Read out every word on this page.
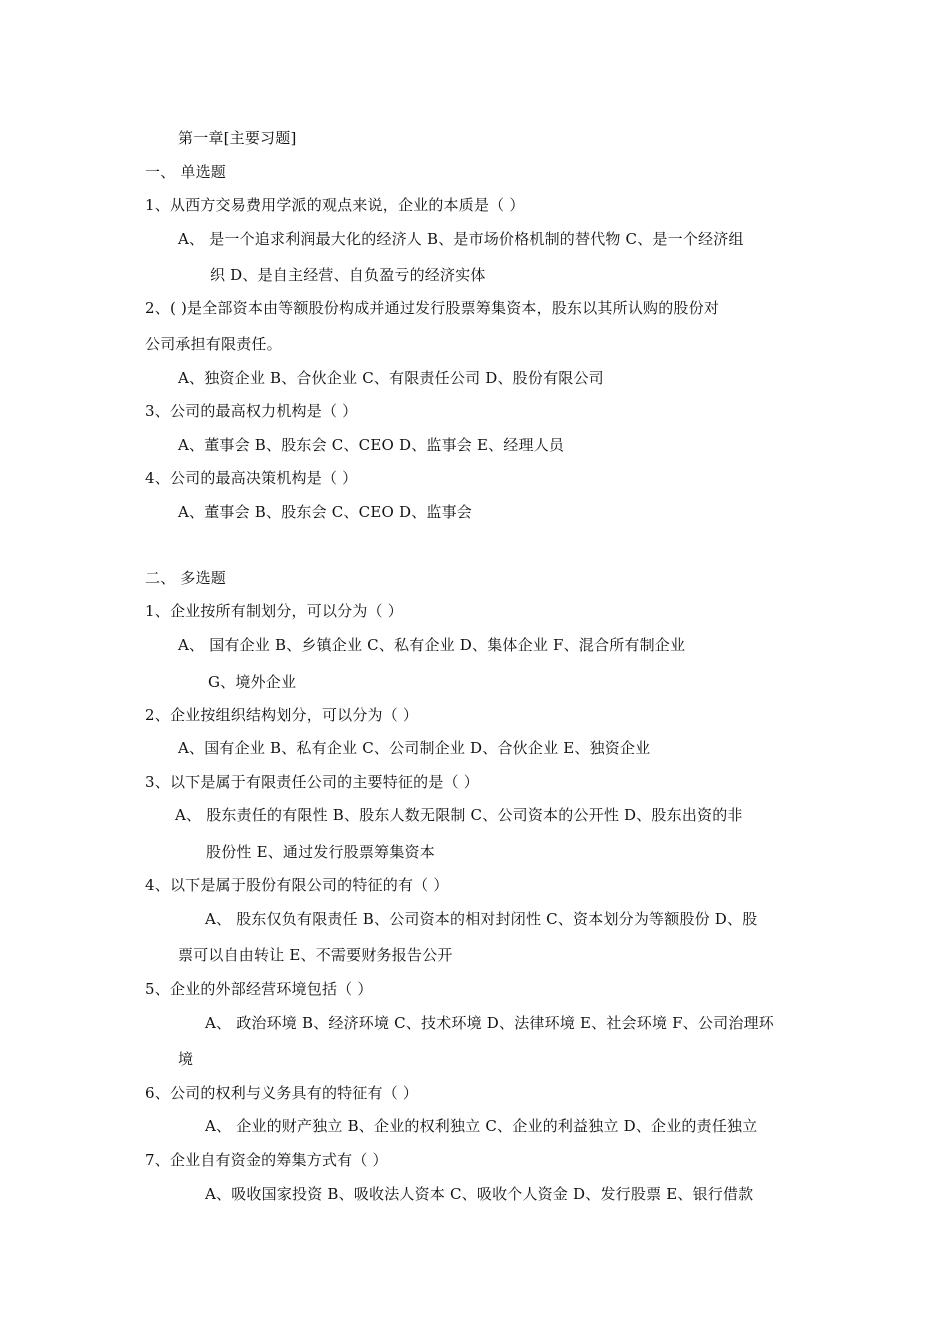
第一章[主要习题]
一、 单选题
1、从西方交易费用学派的观点来说，企业的本质是（ ）
A、 是一个追求利润最大化的经济人 B、是市场价格机制的替代物 C、是一个经济组
织 D、是自主经营、自负盈亏的经济实体
2、( )是全部资本由等额股份构成并通过发行股票筹集资本，股东以其所认购的股份对
公司承担有限责任。
A、独资企业 B、合伙企业 C、有限责任公司 D、股份有限公司
3、公司的最高权力机构是（ ）
A、董事会 B、股东会 C、CEO D、监事会 E、经理人员
4、公司的最高决策机构是（ ）
A、董事会 B、股东会 C、CEO D、监事会
二、 多选题
1、企业按所有制划分，可以分为（ ）
A、 国有企业 B、乡镇企业 C、私有企业 D、集体企业 F、混合所有制企业
G、境外企业
2、企业按组织结构划分，可以分为（ ）
A、国有企业 B、私有企业 C、公司制企业 D、合伙企业 E、独资企业
3、以下是属于有限责任公司的主要特征的是（ ）
A、 股东责任的有限性 B、股东人数无限制 C、公司资本的公开性 D、股东出资的非
股份性 E、通过发行股票筹集资本
4、以下是属于股份有限公司的特征的有（ ）
A、 股东仅负有限责任 B、公司资本的相对封闭性 C、资本划分为等额股份 D、股
票可以自由转让 E、不需要财务报告公开
5、企业的外部经营环境包括（ ）
A、 政治环境 B、经济环境 C、技术环境 D、法律环境 E、社会环境 F、公司治理环
境
6、公司的权利与义务具有的特征有（ ）
A、 企业的财产独立 B、企业的权利独立 C、企业的利益独立 D、企业的责任独立
7、企业自有资金的筹集方式有（ ）
A、吸收国家投资 B、吸收法人资本 C、吸收个人资金 D、发行股票 E、银行借款
